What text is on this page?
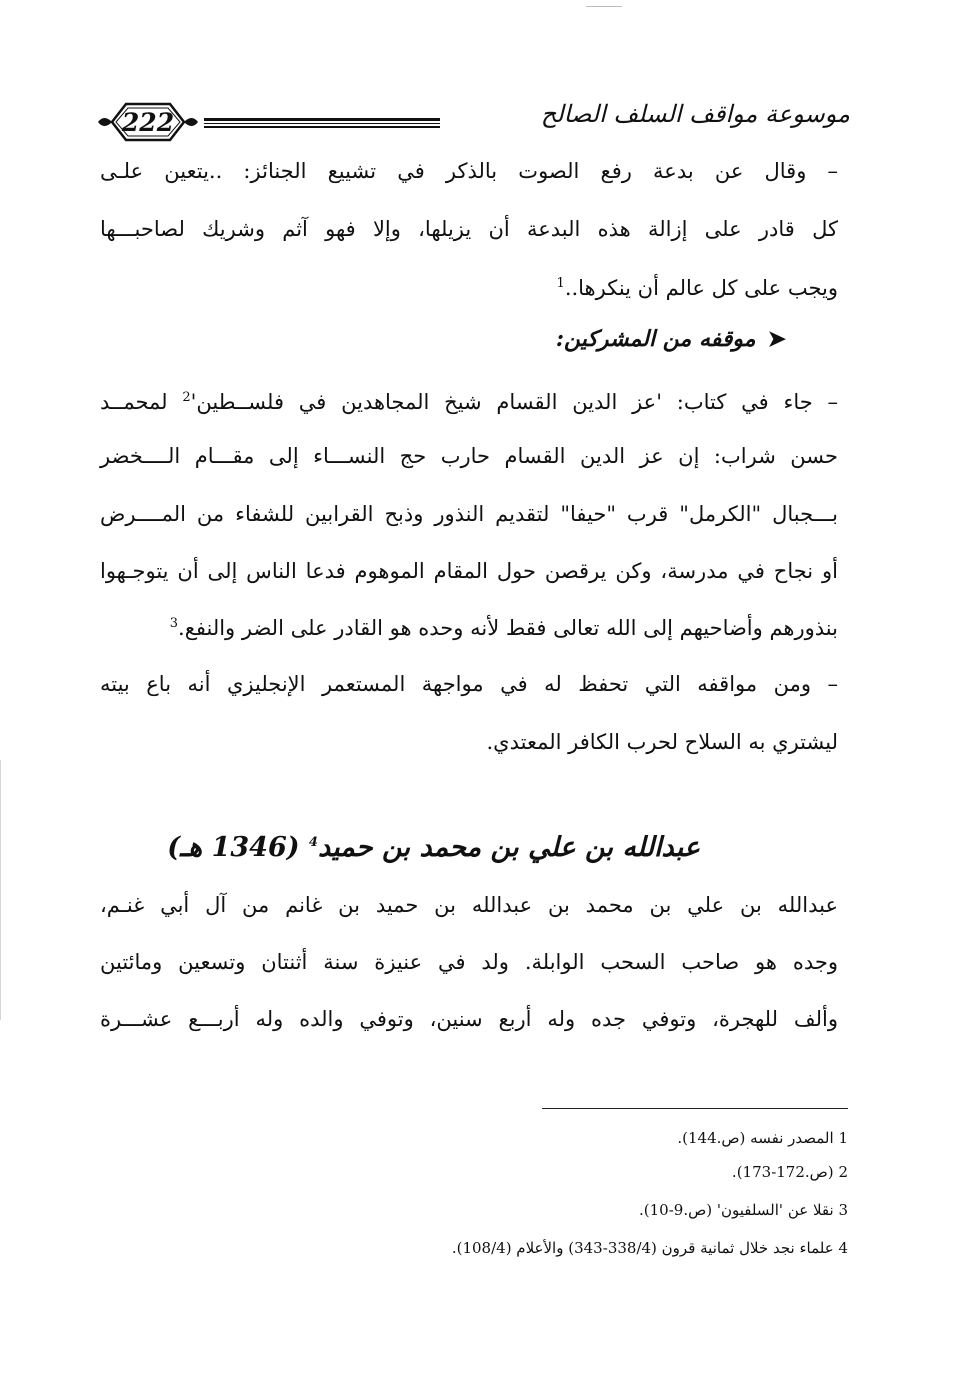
222	موسوعة مواقف السلف الصالح
– وقال عن بدعة رفع الصوت بالذكر في تشييع الجنائز: ..يتعين علـى
كل قادر على إزالة هذه البدعة أن يزيلها، وإلا فهو آثم وشريك لصاحبـــها
ويجب على كل عالم أن ينكرها..$^1$
➤موقفه من المشركين:
– جاء في كتاب: 'عز الدين القسام شيخ المجاهدين في $فلســطين'^2$ لمحمــد
حسن شراب: إن عز الدين القسام حارب حج النســـاء إلى مقـــام الــــخضر
بـــجبال "الكرمل" قرب "حيفا" لتقديم النذور وذبح القرابين للشفاء من المــــرض
أو نجاح في مدرسة، وكن يرقصن حول المقام الموهوم فدعا الناس إلى أن يتوجـهوا
بنذورهم وأضاحيهم إلى الله تعالى فقط لأنه وحده هو القادر على الضر والنفع.$^3$
– ومن مواقفه التي تحفظ له في مواجهة المستعمر الإنجليزي أنه باع بيته
ليشتري به السلاح لحرب الكافر المعتدي.
عبدالله بن علي بن محمد بن حميد$^4$ (1346 هـ)
عبدالله بن علي بن محمد بن عبدالله بن حميد بن غانم من آل أبي غنـم،
وجده هو صاحب السحب الوابلة. ولد في عنيزة سنة أثنتان وتسعين ومائتين
وألف للهجرة، وتوفي جده وله أربع سنين، وتوفي والده وله أربـــع عشـــرة
1 المصدر نفسه (ص.144).
2 (ص.172-173).
3 نقلا عن 'السلفيون' (ص.9-10).
4 علماء نجد خلال ثمانية قرون (338/4-343) والأعلام (108/4).
